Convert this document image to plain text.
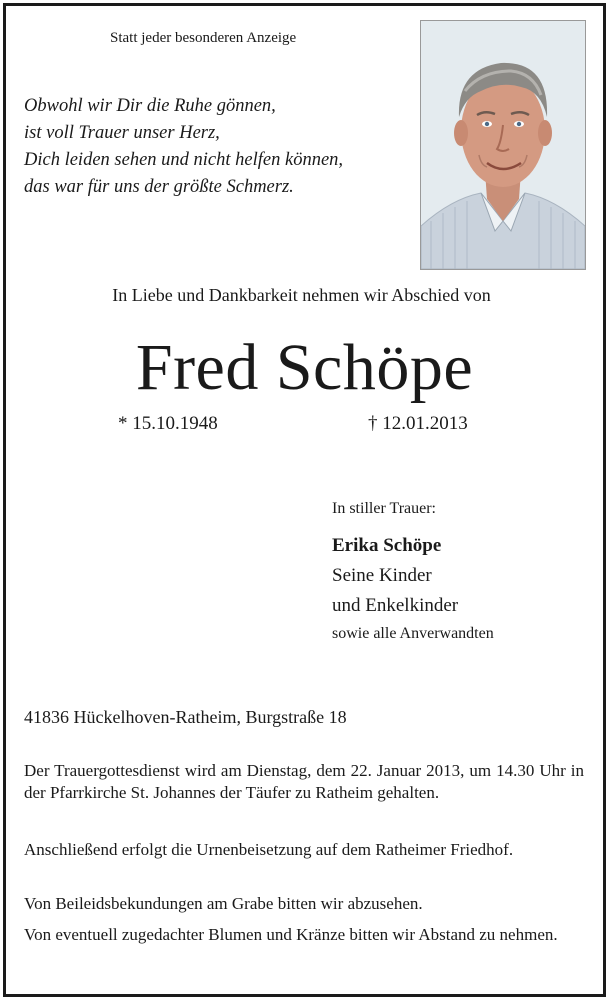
Statt jeder besonderen Anzeige
Obwohl wir Dir die Ruhe gönnen,
ist voll Trauer unser Herz,
Dich leiden sehen und nicht helfen können,
das war für uns der größte Schmerz.
In Liebe und Dankbarkeit nehmen wir Abschied von
Fred Schöpe
* 15.10.1948	† 12.01.2013
In stiller Trauer:
Erika Schöpe
Seine Kinder
und Enkelkinder
sowie alle Anverwandten
41836 Hückelhoven-Ratheim, Burgstraße 18
Der Trauergottesdienst wird am Dienstag, dem 22. Januar 2013, um 14.30 Uhr in der Pfarrkirche St. Johannes der Täufer zu Ratheim gehalten.
Anschließend erfolgt die Urnenbeisetzung auf dem Ratheimer Friedhof.
Von Beileidsbekundungen am Grabe bitten wir abzusehen.
Von eventuell zugedachter Blumen und Kränze bitten wir Abstand zu nehmen.
